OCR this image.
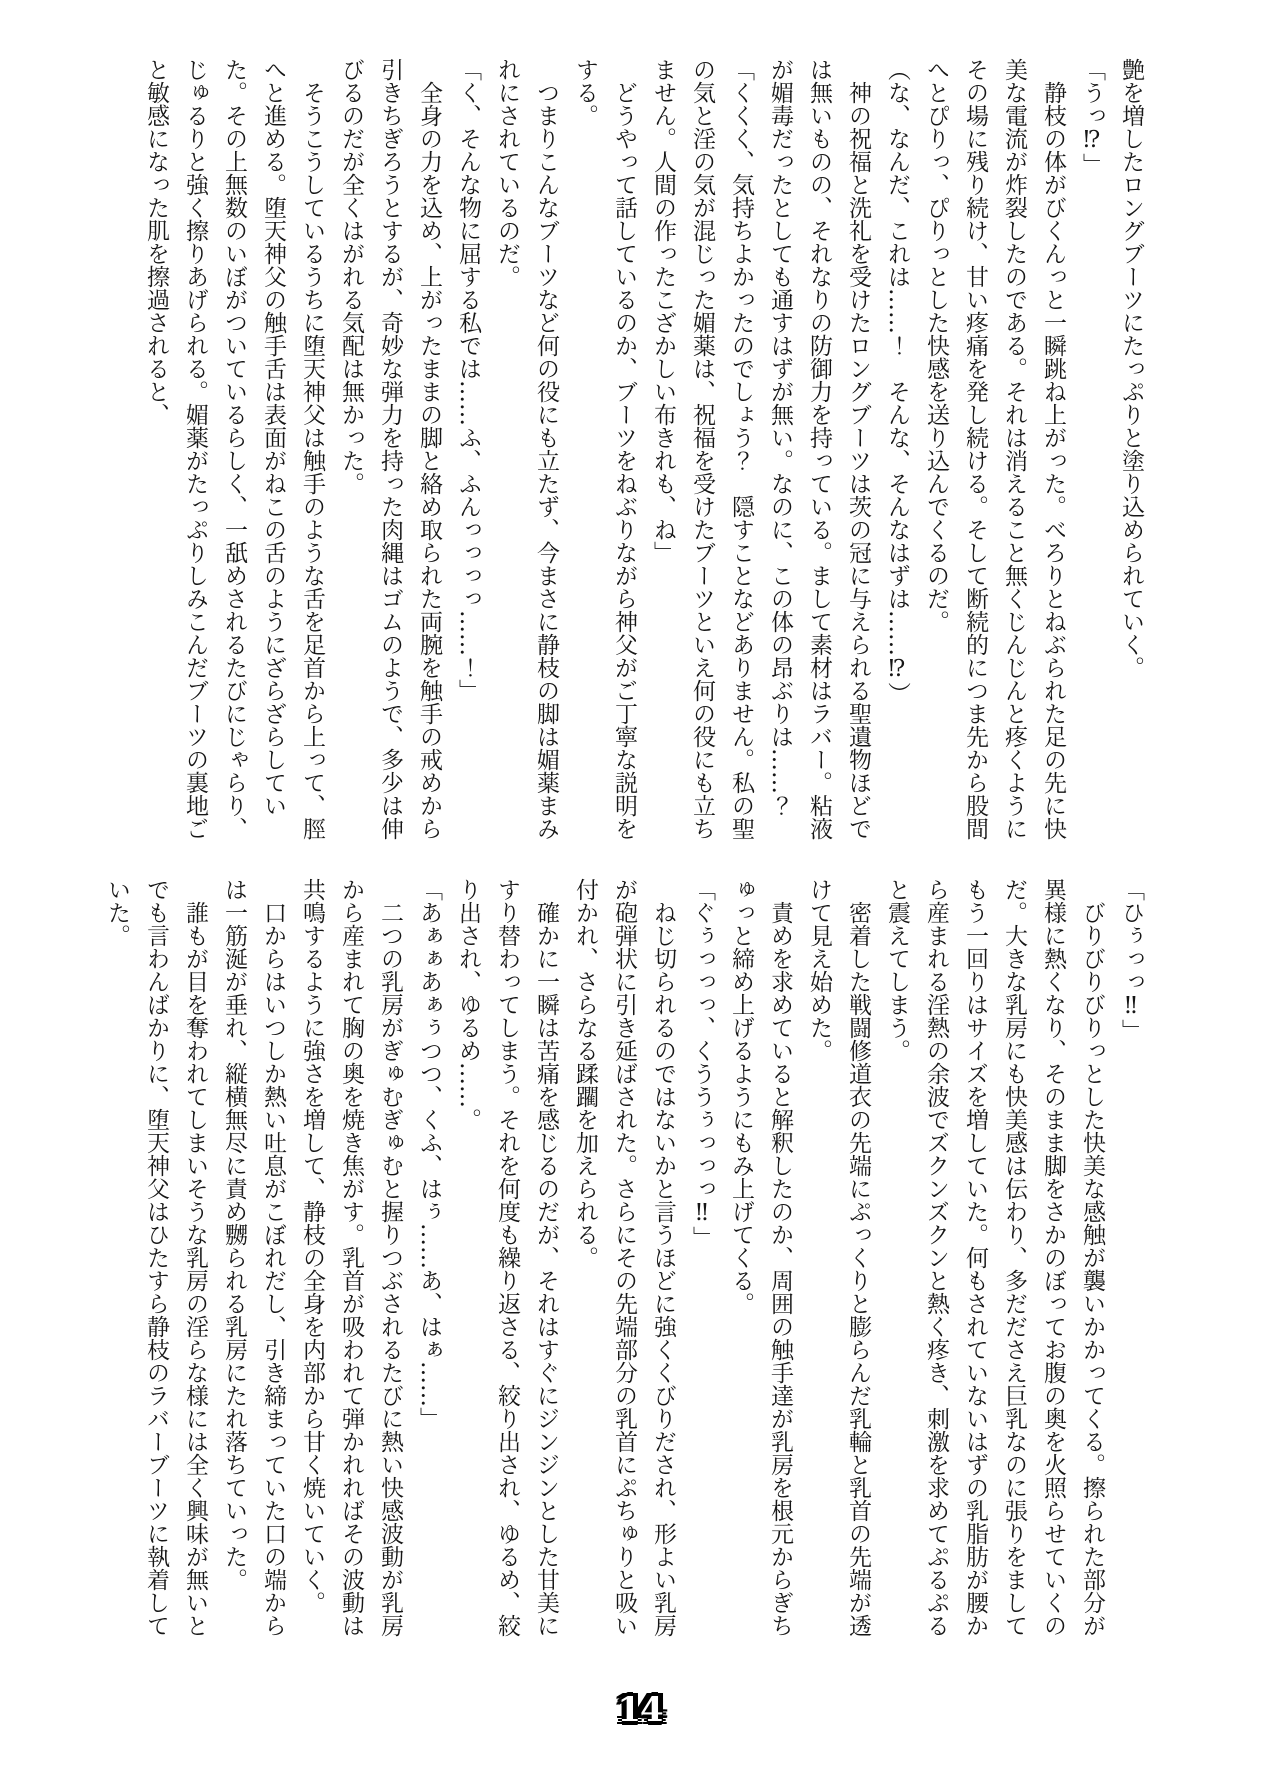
艶を増したロングブーツにたっぷりと塗り込められていく。

「うっ⁉」

　静枝の体がびくんっと一瞬跳ね上がった。べろりとねぶられた足の先に快美な電流が炸裂したのである。それは消えること無くじんじんと疼くようにその場に残り続け、甘い疼痛を発し続ける。そして断続的につま先から股間へとぴりっ、ぴりっとした快感を送り込んでくるのだ。

（な、なんだ、これは……！　そんな、そんなはずは……⁉）

　神の祝福と洗礼を受けたロングブーツは茨の冠に与えられる聖遺物ほどでは無いものの、それなりの防御力を持っている。まして素材はラバー。粘液が媚毒だったとしても通すはずが無い。なのに、この体の昂ぶりは……？

「くくく、気持ちよかったのでしょう？　隠すことなどありません。私の聖の気と淫の気が混じった媚薬は、祝福を受けたブーツといえ何の役にも立ちません。人間の作ったこざかしい布きれも、ね」

　どうやって話しているのか、ブーツをねぶりながら神父がご丁寧な説明をする。

　つまりこんなブーツなど何の役にも立たず、今まさに静枝の脚は媚薬まみれにされているのだ。

「く、そんな物に屈する私では……ふ、ふんっっっっ……！」

　全身の力を込め、上がったままの脚と絡め取られた両腕を触手の戒めから引きちぎろうとするが、奇妙な弾力を持った肉縄はゴムのようで、多少は伸びるのだが全くはがれる気配は無かった。

　そうこうしているうちに堕天神父は触手のような舌を足首から上って、脛へと進める。堕天神父の触手舌は表面がねこの舌のようにざらざらしていた。その上無数のいぼがついているらしく、一舐めされるたびにじゃらり、じゅるりと強く擦りあげられる。媚薬がたっぷりしみこんだブーツの裏地ごと敏感になった肌を擦過されると、

「ひぅっっ‼」

　びりびりびりっとした快美な感触が襲いかかってくる。擦られた部分が異様に熱くなり、そのまま脚をさかのぼってお腹の奥を火照らせていくのだ。大きな乳房にも快美感は伝わり、多だださえ巨乳なのに張りをましてもう一回りはサイズを増していた。何もされていないはずの乳脂肪が腰から産まれる淫熱の余波でズクンズクンと熱く疼き、刺激を求めてぷるぷると震えてしまう。

　密着した戦闘修道衣の先端にぷっくりと膨らんだ乳輪と乳首の先端が透けて見え始めた。

　責めを求めていると解釈したのか、周囲の触手達が乳房を根元からぎちゅっと締め上げるようにもみ上げてくる。

「ぐぅっっっ、くううぅっっっ‼」

　ねじ切られるのではないかと言うほどに強くくびりだされ、形よい乳房が砲弾状に引き延ばされた。さらにその先端部分の乳首にぷちゅりと吸い付かれ、さらなる蹂躙を加えられる。

　確かに一瞬は苦痛を感じるのだが、それはすぐにジンジンとした甘美にすり替わってしまう。それを何度も繰り返さる、絞り出され、ゆるめ、絞り出され、ゆるめ……。

「あぁぁあぁぅつつ、くふ、はぅ……あ、はぁ……」

　二つの乳房がぎゅむぎゅむと握りつぶされるたびに熱い快感波動が乳房から産まれて胸の奥を焼き焦がす。乳首が吸われて弾かれればその波動は共鳴するように強さを増して、静枝の全身を内部から甘く焼いていく。

　口からはいつしか熱い吐息がこぼれだし、引き締まっていた口の端からは一筋涎が垂れ、縦横無尽に責め嬲られる乳房にたれ落ちていった。

　誰もが目を奪われてしまいそうな乳房の淫らな様には全く興味が無いとでも言わんばかりに、堕天神父はひたすら静枝のラバーブーツに執着していた。

14
